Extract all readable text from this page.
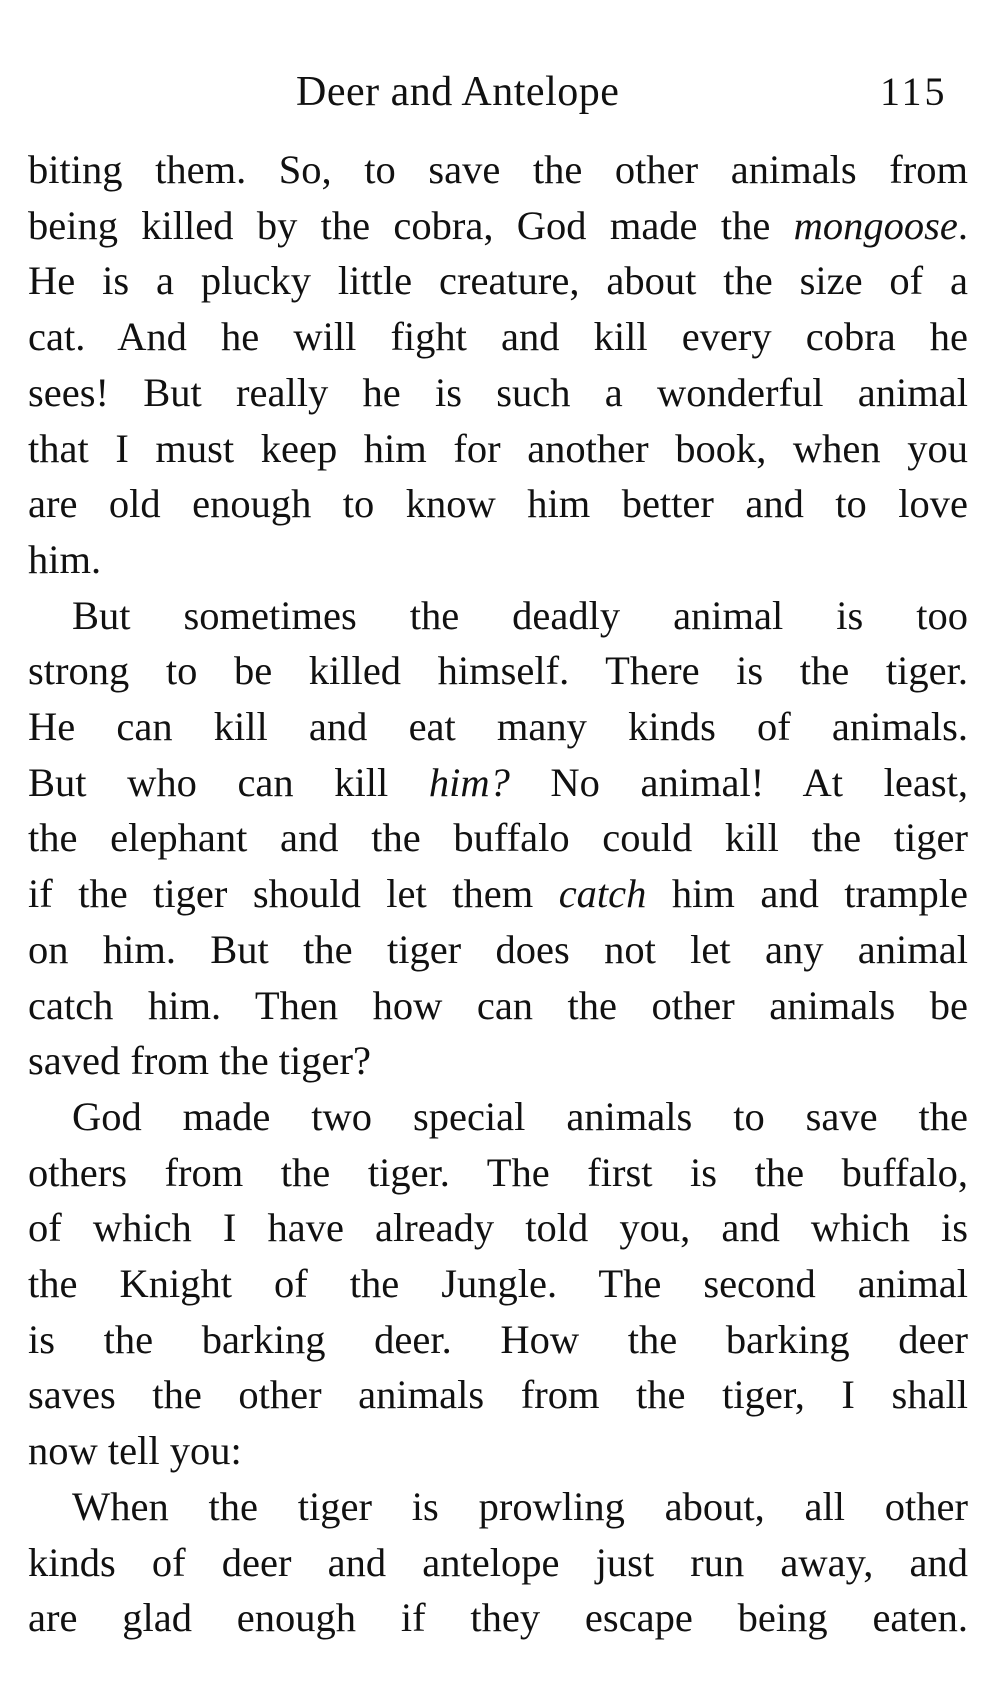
Deer and Antelope	115

biting them. So, to save the other animals from
being killed by the cobra, God made the mongoose.
He is a plucky little creature, about the size of a
cat. And he will fight and kill every cobra he
sees! But really he is such a wonderful animal
that I must keep him for another book, when you
are old enough to know him better and to love
him.

But sometimes the deadly animal is too
strong to be killed himself. There is the tiger.
He can kill and eat many kinds of animals.
But who can kill him? No animal! At least,
the elephant and the buffalo could kill the tiger
if the tiger should let them catch him and trample
on him. But the tiger does not let any animal
catch him. Then how can the other animals be
saved from the tiger?

God made two special animals to save the
others from the tiger. The first is the buffalo,
of which I have already told you, and which is
the Knight of the Jungle. The second animal
is the barking deer. How the barking deer
saves the other animals from the tiger, I shall
now tell you:

When the tiger is prowling about, all other
kinds of deer and antelope just run away, and
are glad enough if they escape being eaten.
